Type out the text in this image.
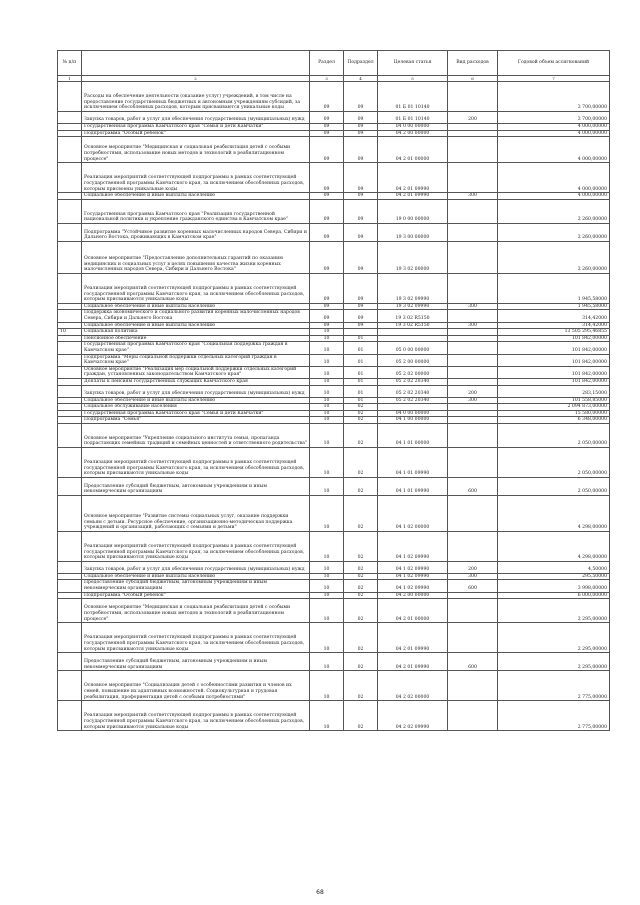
№ п/п		Раздел	Подраздел	Целевая статья	Вид расходов	Годовой объем ассигнований
1	2	3	4	5	6	7
	Расходы на обеспечение деятельности (оказание услуг) учреждений, в том числе на предоставление государственных бюджетных и автономным учреждениям субсидий, за исключением обособленных расходов, которым присваиваются уникальные коды	09	09	01 Б 01 10140		3 700,00000
	Закупка товаров, работ и услуг для обеспечения государственных (муниципальных) нужд	09	09	01 Б 01 10140	200	3 700,00000
	Государственная программа Камчатского края "Семья и дети Камчатки"	09	09	04 0 00 00000		4 000,00000
	Подпрограмма "Особый ребенок"	09	09	04 2 00 00000		4 000,00000
	Основное мероприятие "Медицинская и социальная реабилитация детей с особыми потребностями, использование новых методов и технологий в реабилитационном процессе"	09	09	04 2 01 00000		4 000,00000
	Реализация мероприятий соответствующей подпрограммы в рамках соответствующей государственной программы Камчатского края, за исключением обособленных расходов, которым присвоены уникальные коды	09	09	04 2 01 09990		4 000,00000
	Социальное обеспечение и иные выплаты населению	09	09	04 2 01 09990	300	4 000,00000
	Государственная программа Камчатского края "Реализация государственной национальной политики и укрепление гражданского единства в Камчатском крае"	09	09	19 0 00 00000		2 260,00000
	Подпрограмма "Устойчивое развитие коренных малочисленных народов Севера, Сибири и Дальнего Востока, проживающих в Камчатском крае"	09	09	19 3 00 00000		2 260,00000
	Основное мероприятие "Предоставление дополнительных гарантий по оказанию медицинских и социальных услуг в целях повышения качества жизни коренных малочисленных народов Севера, Сибири и Дальнего Востока"	09	09	19 3 02 00000		2 260,00000
	Реализация мероприятий соответствующей подпрограммы в рамках соответствующей государственной программы Камчатского края, за исключением обособленных расходов, которым присваиваются уникальные коды	09	09	19 3 02 09990		1 945,58000
	Социальное обеспечение и иные выплаты населению	09	09	19 3 02 09990	300	1 945,58000
	Поддержка экономического и социального развития коренных малочисленных народов Севера, Сибири и Дальнего Востока	09	09	19 3 02 R5150		314,42000
	Социальное обеспечение и иные выплаты населению	09	09	19 3 02 R5150	300	314,42000
10	Социальная политика	10				13 505 295,46855
	Пенсионное обеспечение	10	01			101 842,00000
	Государственная программа Камчатского края "Социальная поддержка граждан в Камчатском крае"	10	01	05 0 00 00000		101 842,00000
	Подпрограмма "Меры социальной поддержки отдельных категорий граждан в Камчатском крае"	10	01	05 2 00 00000		101 842,00000
	Основное мероприятие "Реализация мер социальной поддержки отдельных категорий граждан, установленных законодательством Камчатского края"	10	01	05 2 02 00000		101 842,00000
	Доплаты к пенсиям государственных служащих Камчатского края	10	01	05 2 02 20340		101 842,00000
	Закупка товаров, работ и услуг для обеспечения государственных (муниципальных) нужд	10	01	05 2 02 20340	200	283,15000
	Социальное обеспечение и иные выплаты населению	10	01	05 2 02 20340	300	101 558,85000
	Социальное обслуживание населения	10	02			2 094 873,00000
	Государственная программа Камчатского края "Семья и дети Камчатки"	10	02	04 0 00 00000		15 580,00000
	Подпрограмма "Семья"	10	02	04 1 00 00000		6 348,00000
	Основное мероприятие "Укрепление социального института семьи, пропаганда подрастающих семейных традиций и семейных ценностей и ответственного родительства"	10	02	04 1 01 00000		2 050,00000
	Реализация мероприятий соответствующей подпрограммы в рамках соответствующей государственной программы Камчатского края, за исключением обособленных расходов, которым присваиваются уникальные коды	10	02	04 1 01 09990		2 050,00000
	Предоставление субсидий бюджетным, автономным учреждениям и иным некоммерческим организациям	10	02	04 1 01 09990	600	2 050,00000
	Основное мероприятие "Развитие системы социальных услуг, оказание поддержки семьям с детьми. Ресурсное обеспечение, организационно-методическая поддержка учреждений и организаций, работающих с семьями и детьми"	10	02	04 1 02 00000		4 298,00000
	Реализация мероприятий соответствующей подпрограммы в рамках соответствующей государственной программы Камчатского края, за исключением обособленных расходов, которым присваиваются уникальные коды	10	02	04 1 02 09990		4 298,00000
	Закупка товаров, работ и услуг для обеспечения государственных (муниципальных) нужд	10	02	04 1 02 09990	200	4,50000
	Социальное обеспечение и иные выплаты населению	10	02	04 1 02 09990	300	295,50000
	Предоставление субсидий бюджетным, автономным учреждениям и иным некоммерческим организациям	10	02	04 1 02 09990	600	3 998,00000
	Подпрограмма "Особый ребенок"	10	02	04 2 00 00000		6 000,00000
	Основное мероприятие "Медицинская и социальная реабилитация детей с особыми потребностями, использование новых методов и технологий в реабилитационном процессе"	10	02	04 2 01 00000		2 295,00000
	Реализация мероприятий соответствующей подпрограммы в рамках соответствующей государственной программы Камчатского края, за исключением обособленных расходов, которым присваиваются уникальные коды	10	02	04 2 01 09990		2 295,00000
	Предоставление субсидий бюджетным, автономным учреждениям и иным некоммерческим организациям	10	02	04 2 01 09990	600	2 295,00000
	Основное мероприятие "Социализация детей с особенностями развития и членов их семей, повышение их адаптивных возможностей. Социокультурная и трудовая реабилитация, профориентация детей с особыми потребностями"	10	02	04 2 02 00000		2 775,00000
	Реализация мероприятий соответствующей подпрограммы в рамках соответствующей государственной программы Камчатского края, за исключением обособленных расходов, которым присваиваются уникальные коды	10	02	04 2 02 09990		2 775,00000
68
